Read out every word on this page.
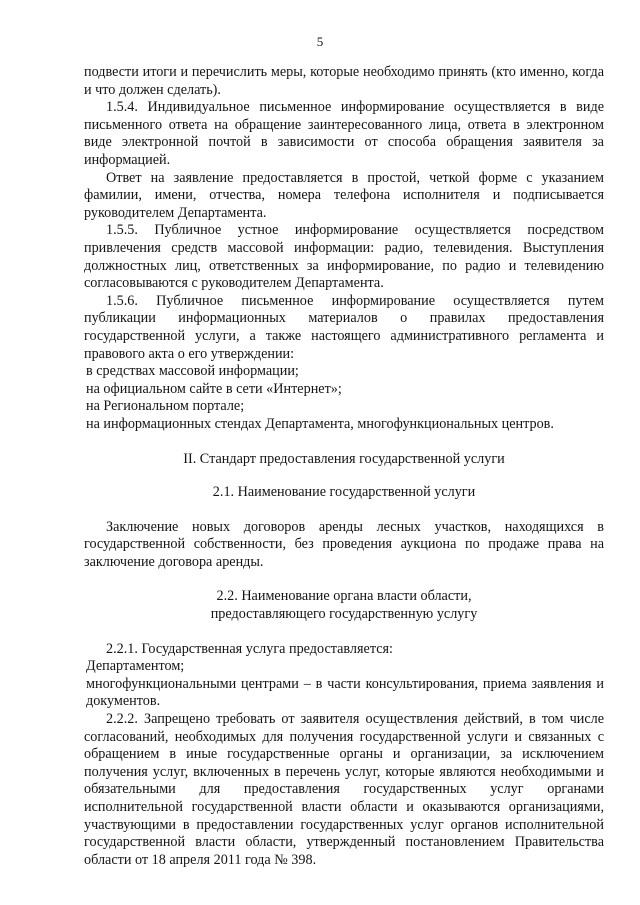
5

подвести итоги и перечислить меры, которые необходимо принять (кто именно, когда и что должен сделать).

1.5.4. Индивидуальное письменное информирование осуществляется в виде письменного ответа на обращение заинтересованного лица, ответа в электронном виде электронной почтой в зависимости от способа обращения заявителя за информацией.

Ответ на заявление предоставляется в простой, четкой форме с указанием фамилии, имени, отчества, номера телефона исполнителя и подписывается руководителем Департамента.

1.5.5. Публичное устное информирование осуществляется посредством привлечения средств массовой информации: радио, телевидения. Выступления должностных лиц, ответственных за информирование, по радио и телевидению согласовываются с руководителем Департамента.

1.5.6. Публичное письменное информирование осуществляется путем публикации информационных материалов о правилах предоставления государственной услуги, а также настоящего административного регламента и правового акта о его утверждении:

в средствах массовой информации;

на официальном сайте в сети «Интернет»;

на Региональном портале;

на информационных стендах Департамента, многофункциональных центров.

II. Стандарт предоставления государственной услуги

2.1. Наименование государственной услуги

Заключение новых договоров аренды лесных участков, находящихся в государственной собственности, без проведения аукциона по продаже права на заключение договора аренды.

2.2. Наименование органа власти области,

предоставляющего государственную услугу

2.2.1. Государственная услуга предоставляется:

Департаментом;

многофункциональными центрами – в части консультирования, приема заявления и документов.

2.2.2. Запрещено требовать от заявителя осуществления действий, в том числе согласований, необходимых для получения государственной услуги и связанных с обращением в иные государственные органы и организации, за исключением получения услуг, включенных в перечень услуг, которые являются необходимыми и обязательными для предоставления государственных услуг органами исполнительной государственной власти области и оказываются организациями, участвующими в предоставлении государственных услуг органов исполнительной государственной власти области, утвержденный постановлением Правительства области от 18 апреля 2011 года № 398.
